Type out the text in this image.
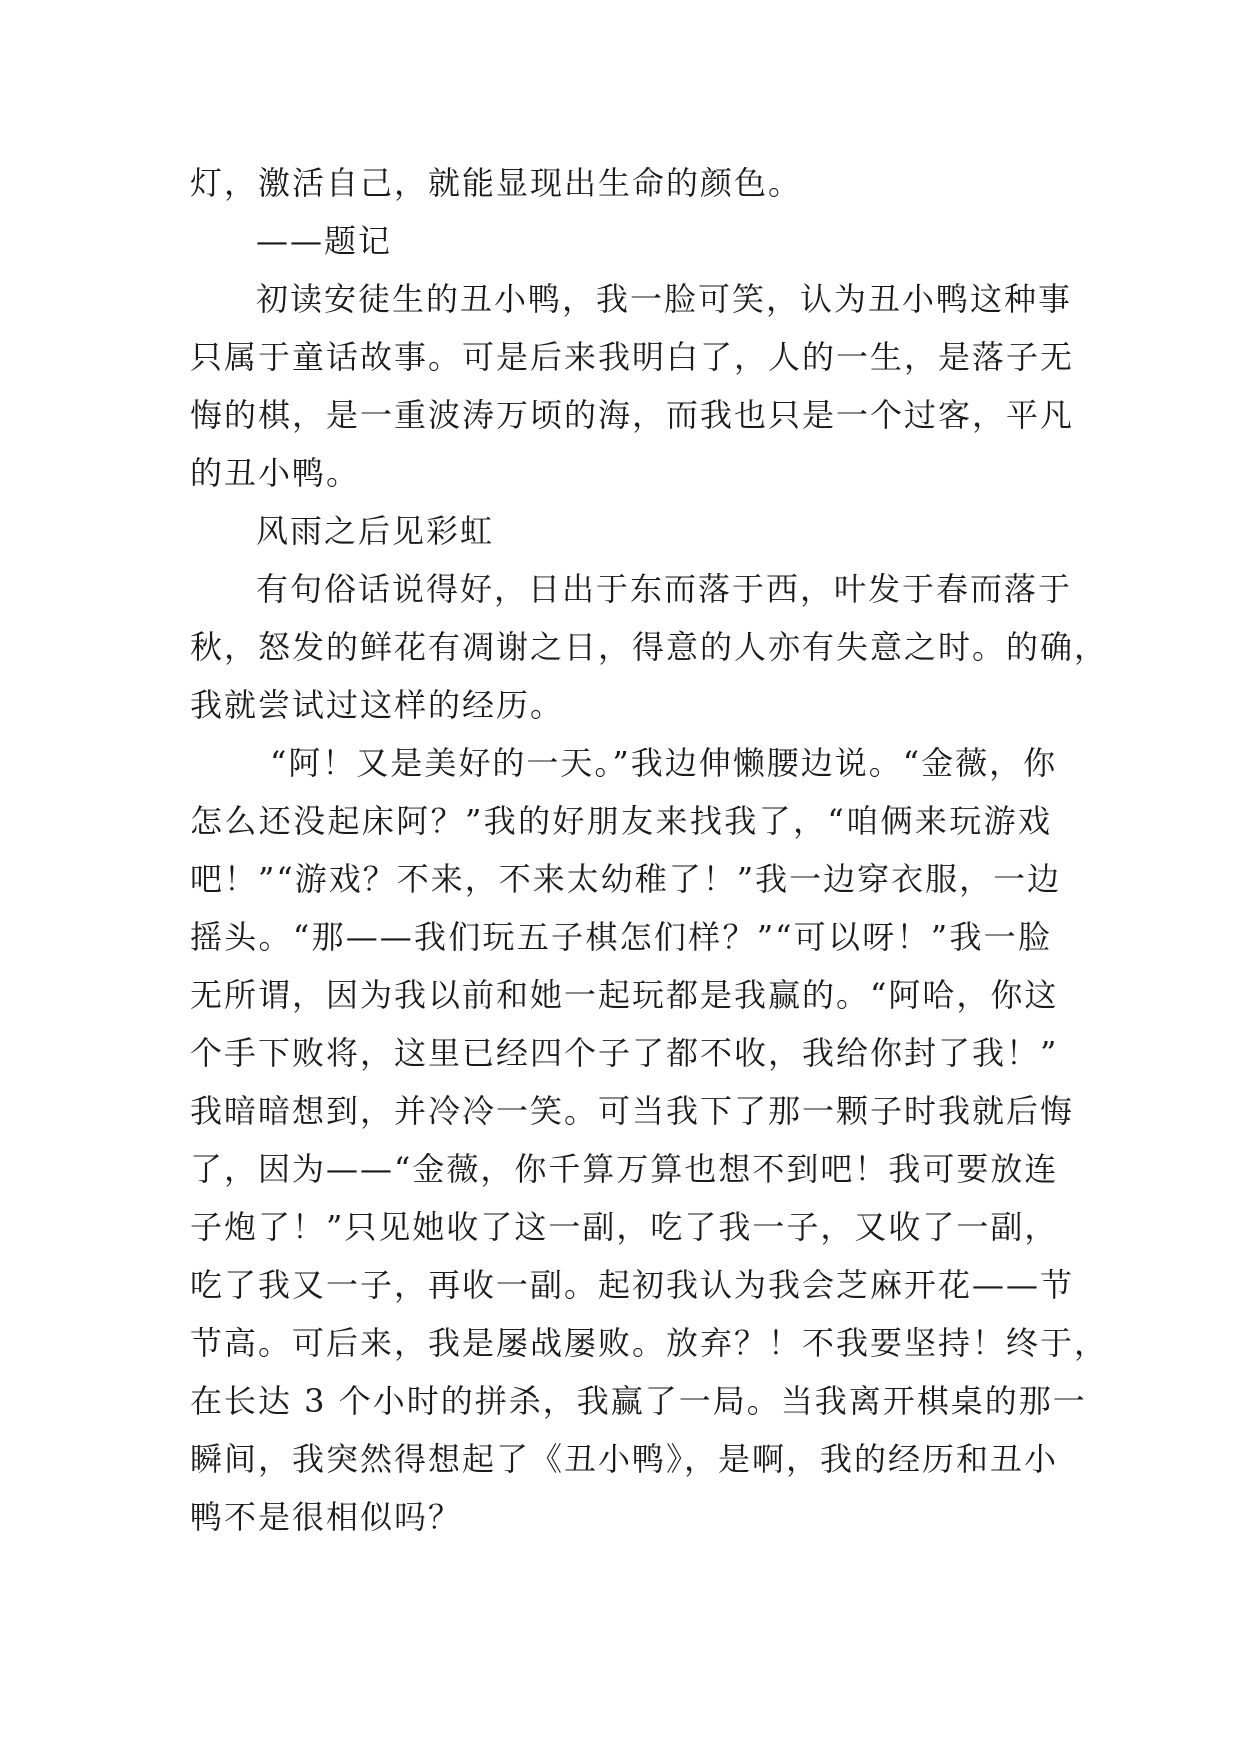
灯，激活自己，就能显现出生命的颜色。
——题记
初读安徒生的丑小鸭，我一脸可笑，认为丑小鸭这种事
只属于童话故事。可是后来我明白了，人的一生，是落子无
悔的棋，是一重波涛万顷的海，而我也只是一个过客，平凡
的丑小鸭。
风雨之后见彩虹
有句俗话说得好，日出于东而落于西，叶发于春而落于
秋，怒发的鲜花有凋谢之日，得意的人亦有失意之时。的确，
我就尝试过这样的经历。
“阿！又是美好的一天。”我边伸懒腰边说。“金薇，你
怎么还没起床阿？”我的好朋友来找我了，“咱俩来玩游戏
吧！”“游戏？不来，不来太幼稚了！”我一边穿衣服，一边
摇头。“那——我们玩五子棋怎们样？”“可以呀！”我一脸
无所谓，因为我以前和她一起玩都是我赢的。“阿哈，你这
个手下败将，这里已经四个子了都不收，我给你封了我！”
我暗暗想到，并冷冷一笑。可当我下了那一颗子时我就后悔
了，因为——“金薇，你千算万算也想不到吧！我可要放连
子炮了！”只见她收了这一副，吃了我一子，又收了一副，
吃了我又一子，再收一副。起初我认为我会芝麻开花——节
节高。可后来，我是屡战屡败。放弃？！不我要坚持！终于，
在长达 3 个小时的拼杀，我赢了一局。当我离开棋桌的那一
瞬间，我突然得想起了《丑小鸭》，是啊，我的经历和丑小
鸭不是很相似吗？
